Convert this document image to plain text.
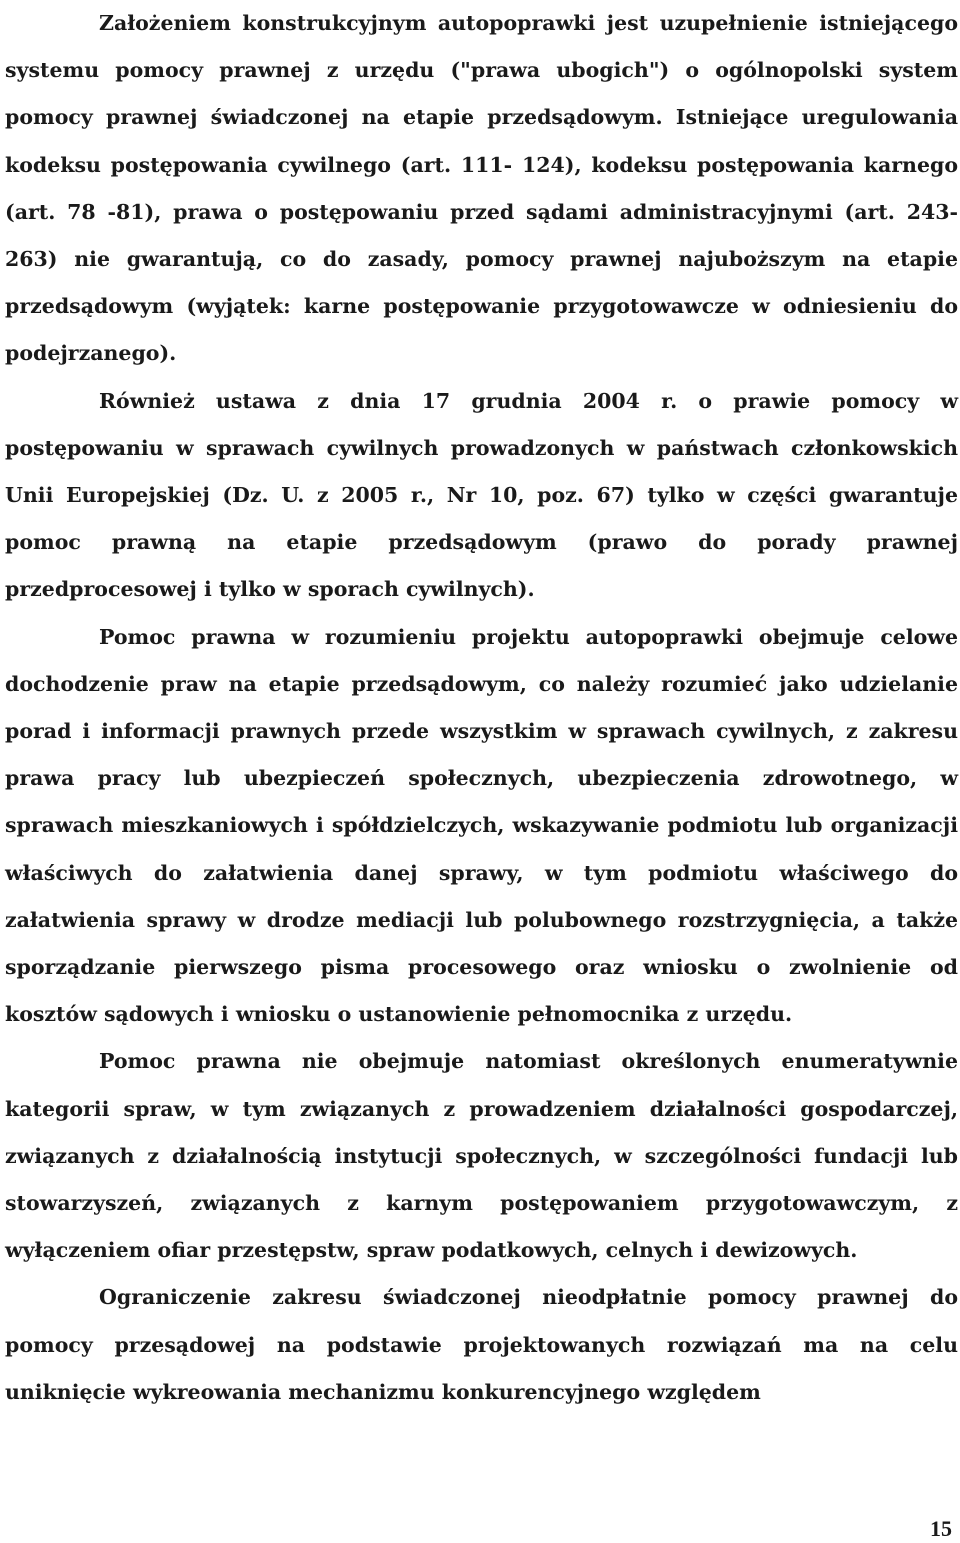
Założeniem konstrukcyjnym autopoprawki jest uzupełnienie istniejącego systemu pomocy prawnej z urzędu ("prawa ubogich") o ogólnopolski system pomocy prawnej świadczonej na etapie przedsądowym. Istniejące uregulowania kodeksu postępowania cywilnego (art. 111- 124), kodeksu postępowania karnego (art. 78 -81), prawa o postępowaniu przed sądami administracyjnymi (art. 243-263) nie gwarantują, co do zasady, pomocy prawnej najuboższym na etapie przedsądowym (wyjątek: karne postępowanie przygotowawcze w odniesieniu do podejrzanego).

Również ustawa z dnia 17 grudnia 2004 r. o prawie pomocy w postępowaniu w sprawach cywilnych prowadzonych w państwach członkowskich Unii Europejskiej (Dz. U. z 2005 r., Nr 10, poz. 67) tylko w części gwarantuje pomoc prawną na etapie przedsądowym (prawo do porady prawnej przedprocesowej i tylko w sporach cywilnych).

Pomoc prawna w rozumieniu projektu autopoprawki obejmuje celowe dochodzenie praw na etapie przedsądowym, co należy rozumieć jako udzielanie porad i informacji prawnych przede wszystkim w sprawach cywilnych, z zakresu prawa pracy lub ubezpieczeń społecznych, ubezpieczenia zdrowotnego, w sprawach mieszkaniowych i spółdzielczych, wskazywanie podmiotu lub organizacji właściwych do załatwienia danej sprawy, w tym podmiotu właściwego do załatwienia sprawy w drodze mediacji lub polubownego rozstrzygnięcia, a także sporządzanie pierwszego pisma procesowego oraz wniosku o zwolnienie od kosztów sądowych i wniosku o ustanowienie pełnomocnika z urzędu.

Pomoc prawna nie obejmuje natomiast określonych enumeratywnie kategorii spraw, w tym związanych z prowadzeniem działalności gospodarczej, związanych z działalnością instytucji społecznych, w szczególności fundacji lub stowarzyszeń, związanych z karnym postępowaniem przygotowawczym, z wyłączeniem ofiar przestępstw, spraw podatkowych, celnych i dewizowych.

Ograniczenie zakresu świadczonej nieodpłatnie pomocy prawnej do pomocy przesądowej na podstawie projektowanych rozwiązań ma na celu uniknięcie wykreowania mechanizmu konkurencyjnego względem

15
